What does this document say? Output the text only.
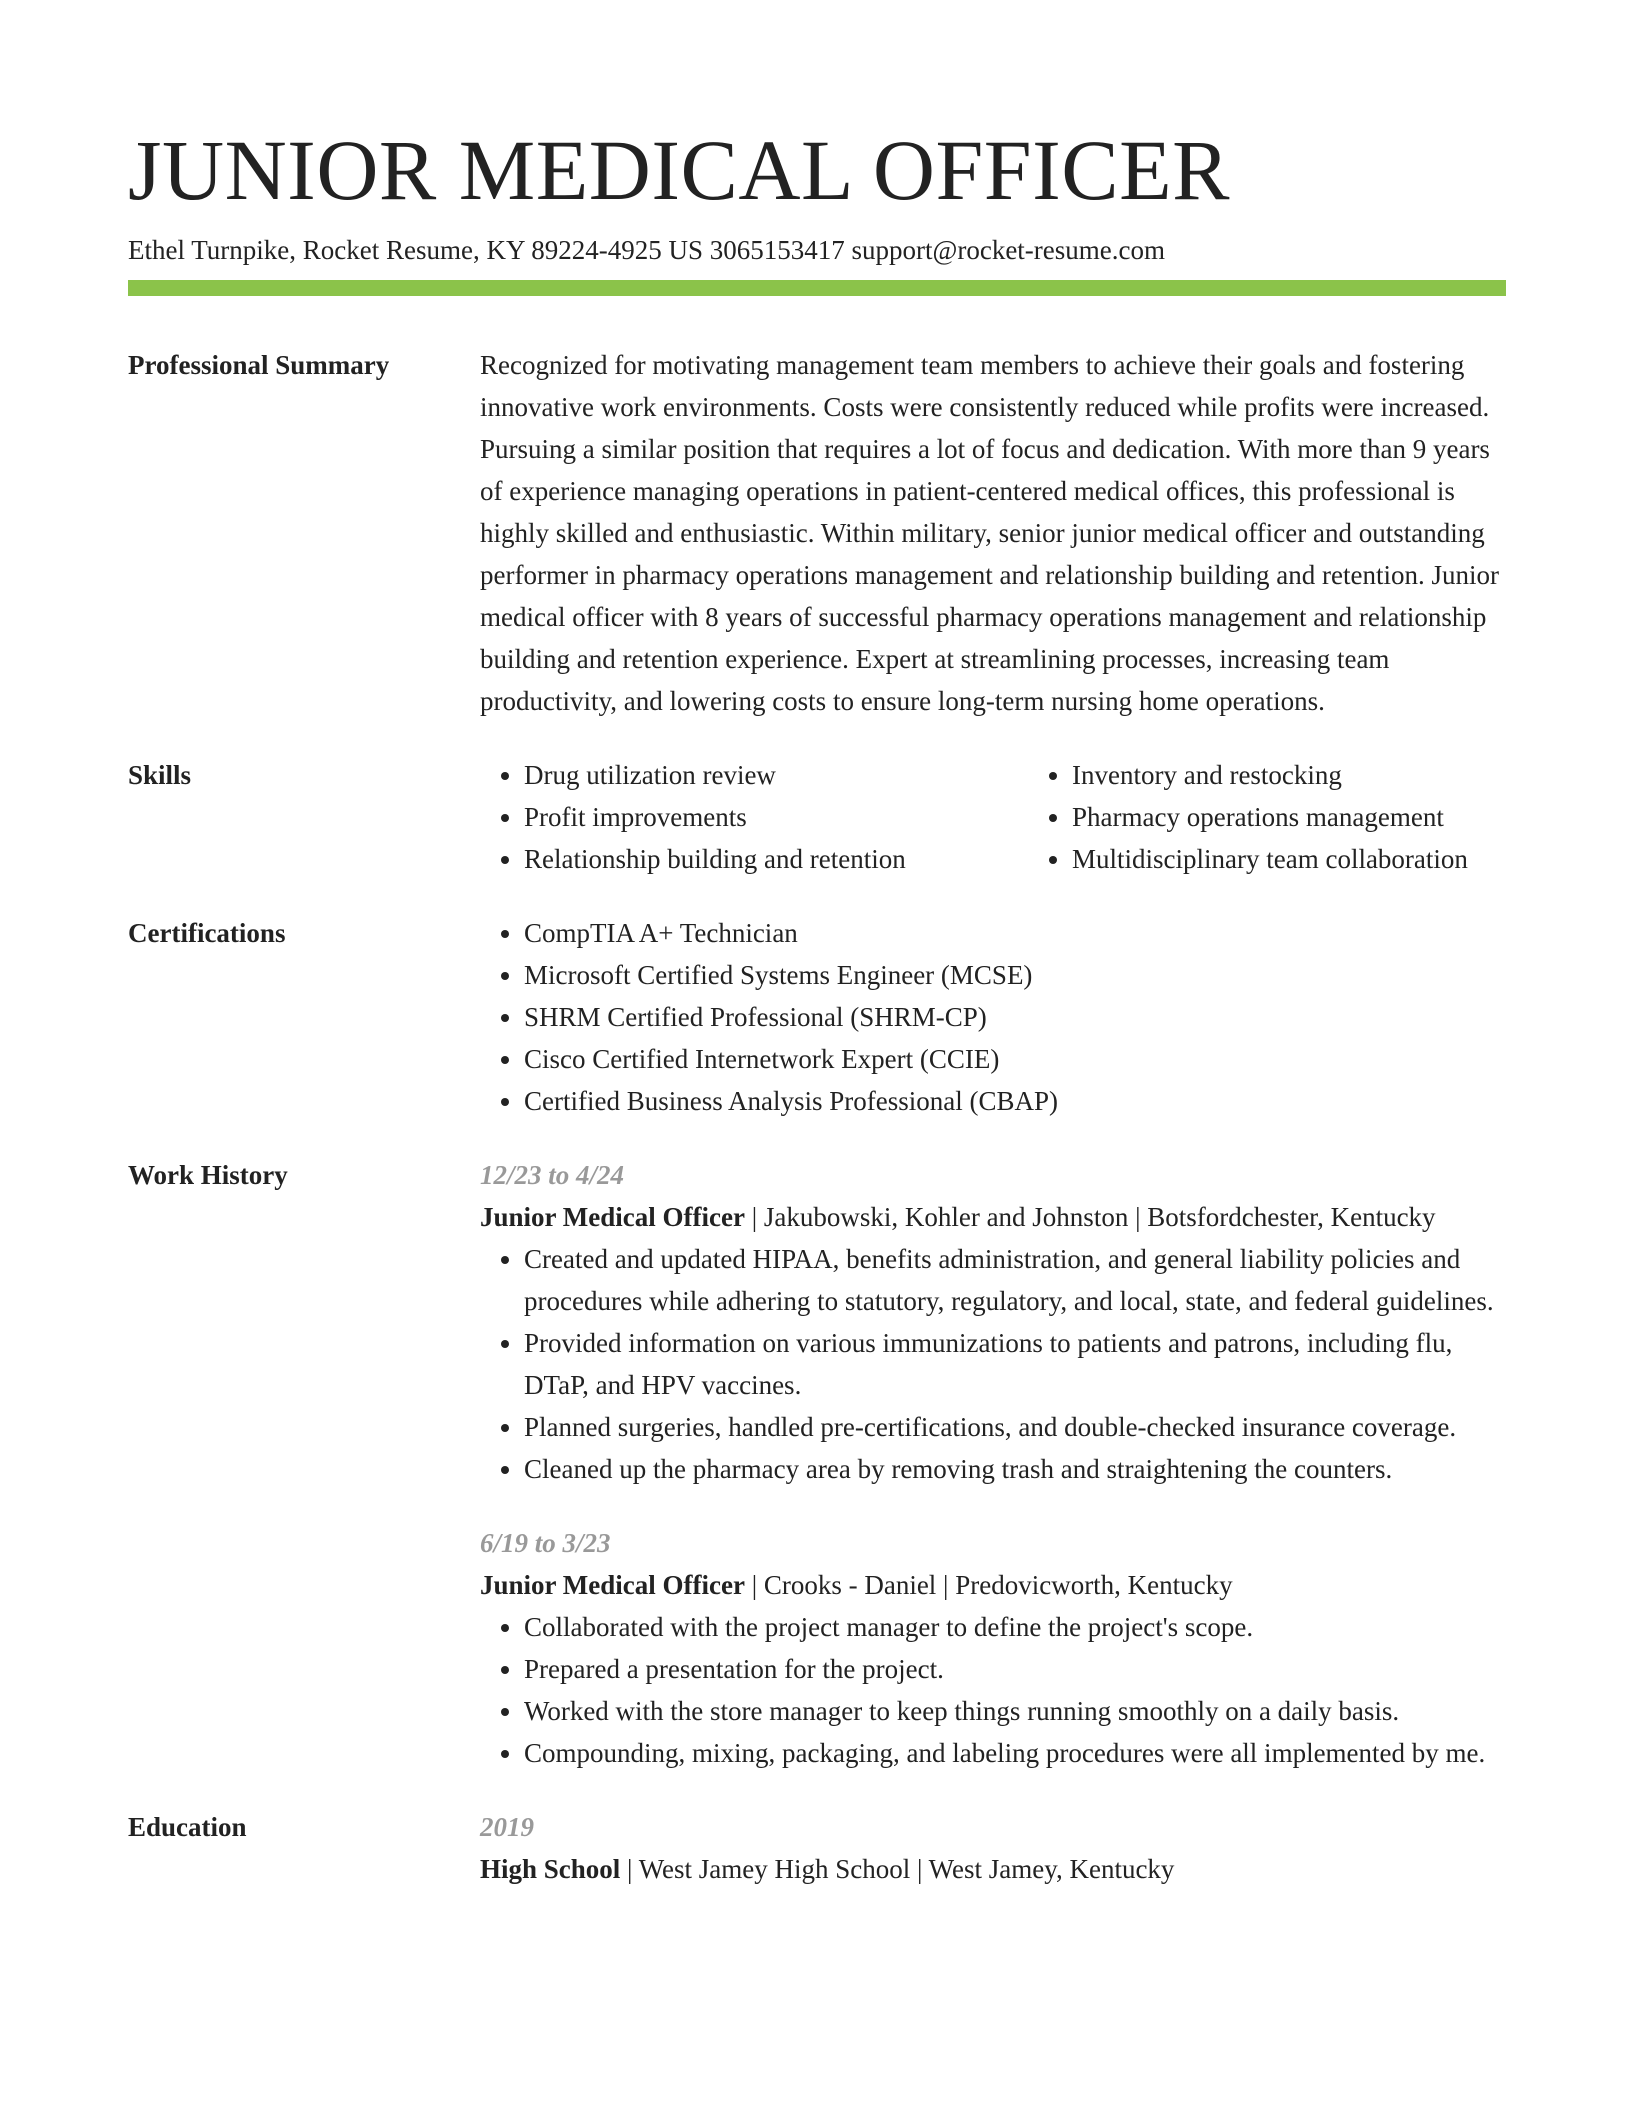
JUNIOR MEDICAL OFFICER
Ethel Turnpike, Rocket Resume, KY 89224-4925 US 3065153417 support@rocket-resume.com
Professional Summary	Recognized for motivating management team members to achieve their goals and fostering innovative work environments. Costs were consistently reduced while profits were increased. Pursuing a similar position that requires a lot of focus and dedication. With more than 9 years of experience managing operations in patient-centered medical offices, this professional is highly skilled and enthusiastic. Within military, senior junior medical officer and outstanding performer in pharmacy operations management and relationship building and retention. Junior medical officer with 8 years of successful pharmacy operations management and relationship building and retention experience. Expert at streamlining processes, increasing team productivity, and lowering costs to ensure long-term nursing home operations.
Skills	• Drug utilization review
• Profit improvements
• Relationship building and retention
• Inventory and restocking
• Pharmacy operations management
• Multidisciplinary team collaboration
Certifications	• CompTIA A+ Technician
• Microsoft Certified Systems Engineer (MCSE)
• SHRM Certified Professional (SHRM-CP)
• Cisco Certified Internetwork Expert (CCIE)
• Certified Business Analysis Professional (CBAP)
Work History	12/23 to 4/24
Junior Medical Officer | Jakubowski, Kohler and Johnston | Botsfordchester, Kentucky
• Created and updated HIPAA, benefits administration, and general liability policies and procedures while adhering to statutory, regulatory, and local, state, and federal guidelines.
• Provided information on various immunizations to patients and patrons, including flu, DTaP, and HPV vaccines.
• Planned surgeries, handled pre-certifications, and double-checked insurance coverage.
• Cleaned up the pharmacy area by removing trash and straightening the counters.
6/19 to 3/23
Junior Medical Officer | Crooks - Daniel | Predovicworth, Kentucky
• Collaborated with the project manager to define the project's scope.
• Prepared a presentation for the project.
• Worked with the store manager to keep things running smoothly on a daily basis.
• Compounding, mixing, packaging, and labeling procedures were all implemented by me.
Education	2019
High School | West Jamey High School | West Jamey, Kentucky
